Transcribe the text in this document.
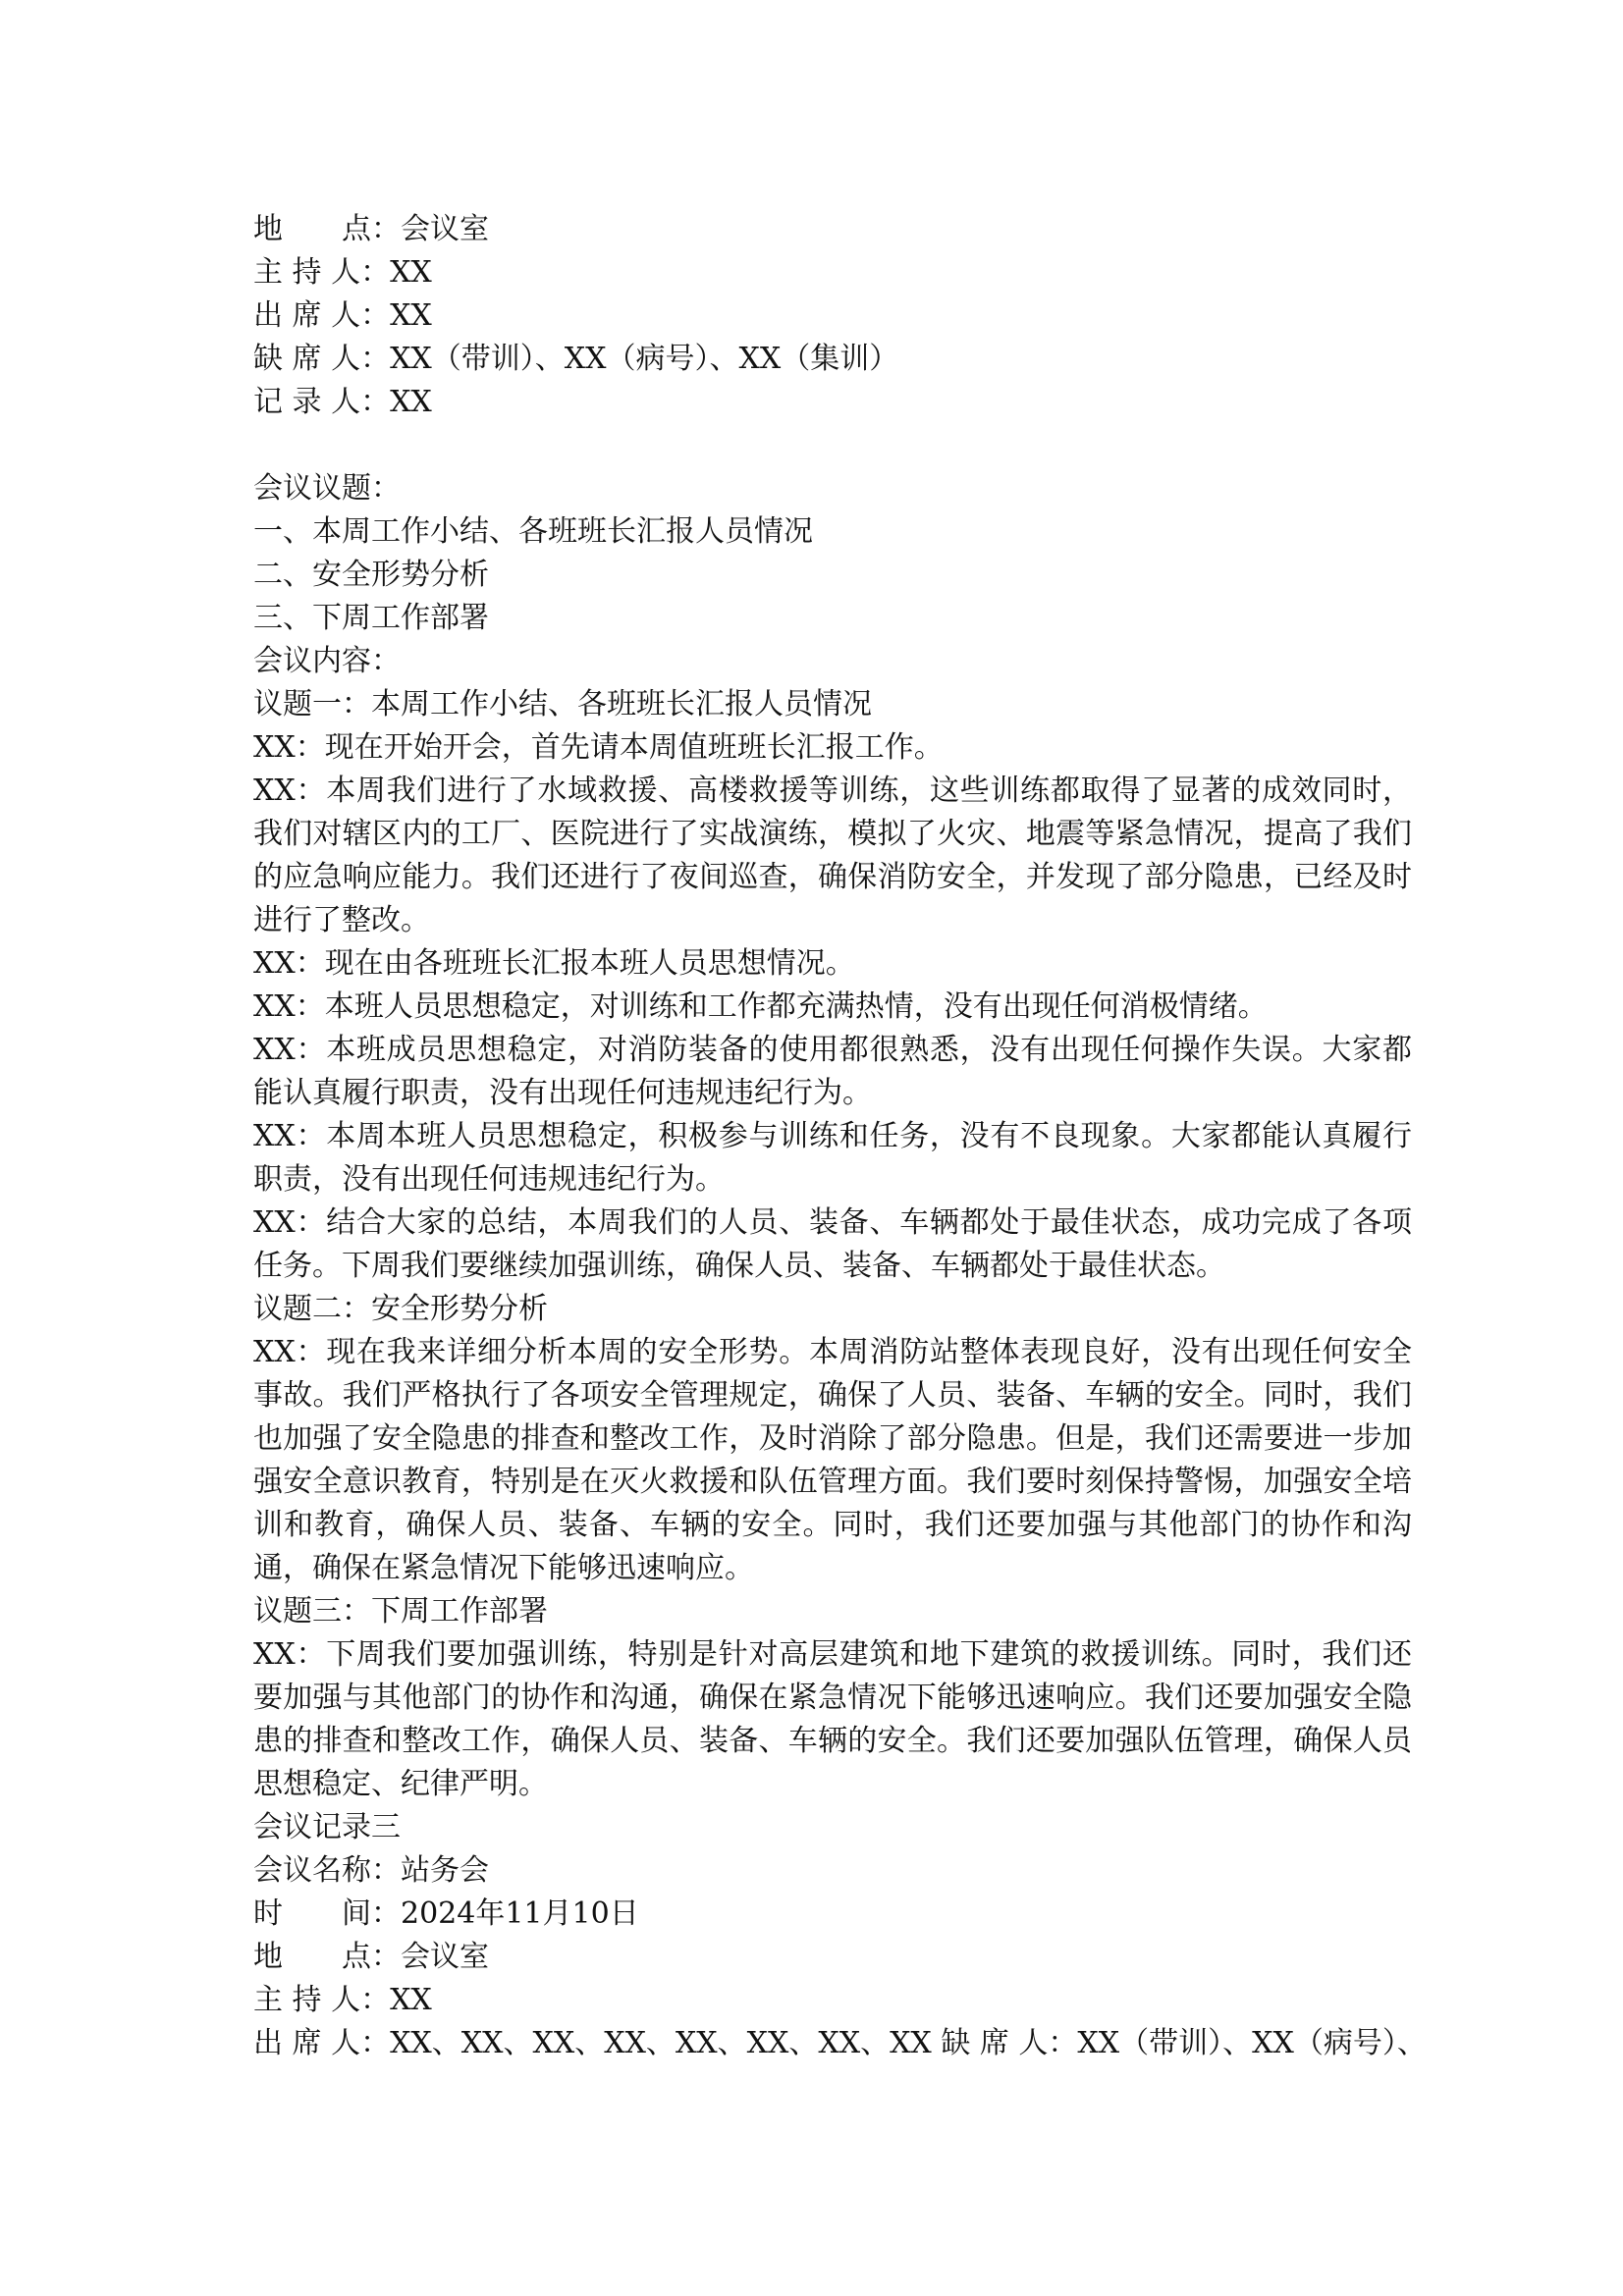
地　　点：会议室
主 持 人：XX
出 席 人：XX
缺 席 人：XX（带训）、XX（病号）、XX（集训）
记 录 人：XX
会议议题：
一、本周工作小结、各班班长汇报人员情况
二、安全形势分析
三、下周工作部署
会议内容：
议题一：本周工作小结、各班班长汇报人员情况
XX：现在开始开会，首先请本周值班班长汇报工作。
XX：本周我们进行了水域救援、高楼救援等训练，这些训练都取得了显著的成效同时，我们对辖区内的工厂、医院进行了实战演练，模拟了火灾、地震等紧急情况，提高了我们的应急响应能力。我们还进行了夜间巡查，确保消防安全，并发现了部分隐患，已经及时进行了整改。
XX：现在由各班班长汇报本班人员思想情况。
XX：本班人员思想稳定，对训练和工作都充满热情，没有出现任何消极情绪。
XX：本班成员思想稳定，对消防装备的使用都很熟悉，没有出现任何操作失误。大家都能认真履行职责，没有出现任何违规违纪行为。
XX：本周本班人员思想稳定，积极参与训练和任务，没有不良现象。大家都能认真履行职责，没有出现任何违规违纪行为。
XX：结合大家的总结，本周我们的人员、装备、车辆都处于最佳状态，成功完成了各项任务。下周我们要继续加强训练，确保人员、装备、车辆都处于最佳状态。
议题二：安全形势分析
XX：现在我来详细分析本周的安全形势。本周消防站整体表现良好，没有出现任何安全事故。我们严格执行了各项安全管理规定，确保了人员、装备、车辆的安全。同时，我们也加强了安全隐患的排查和整改工作，及时消除了部分隐患。但是，我们还需要进一步加强安全意识教育，特别是在灭火救援和队伍管理方面。我们要时刻保持警惕，加强安全培训和教育，确保人员、装备、车辆的安全。同时，我们还要加强与其他部门的协作和沟通，确保在紧急情况下能够迅速响应。
议题三：下周工作部署
XX：下周我们要加强训练，特别是针对高层建筑和地下建筑的救援训练。同时，我们还要加强与其他部门的协作和沟通，确保在紧急情况下能够迅速响应。我们还要加强安全隐患的排查和整改工作，确保人员、装备、车辆的安全。我们还要加强队伍管理，确保人员思想稳定、纪律严明。
会议记录三
会议名称：站务会
时　　间：2024年11月10日
地　　点：会议室
主 持 人：XX
出 席 人：XX、XX、XX、XX、XX、XX、XX、XX 缺 席 人：XX（带训）、XX（病号）、
